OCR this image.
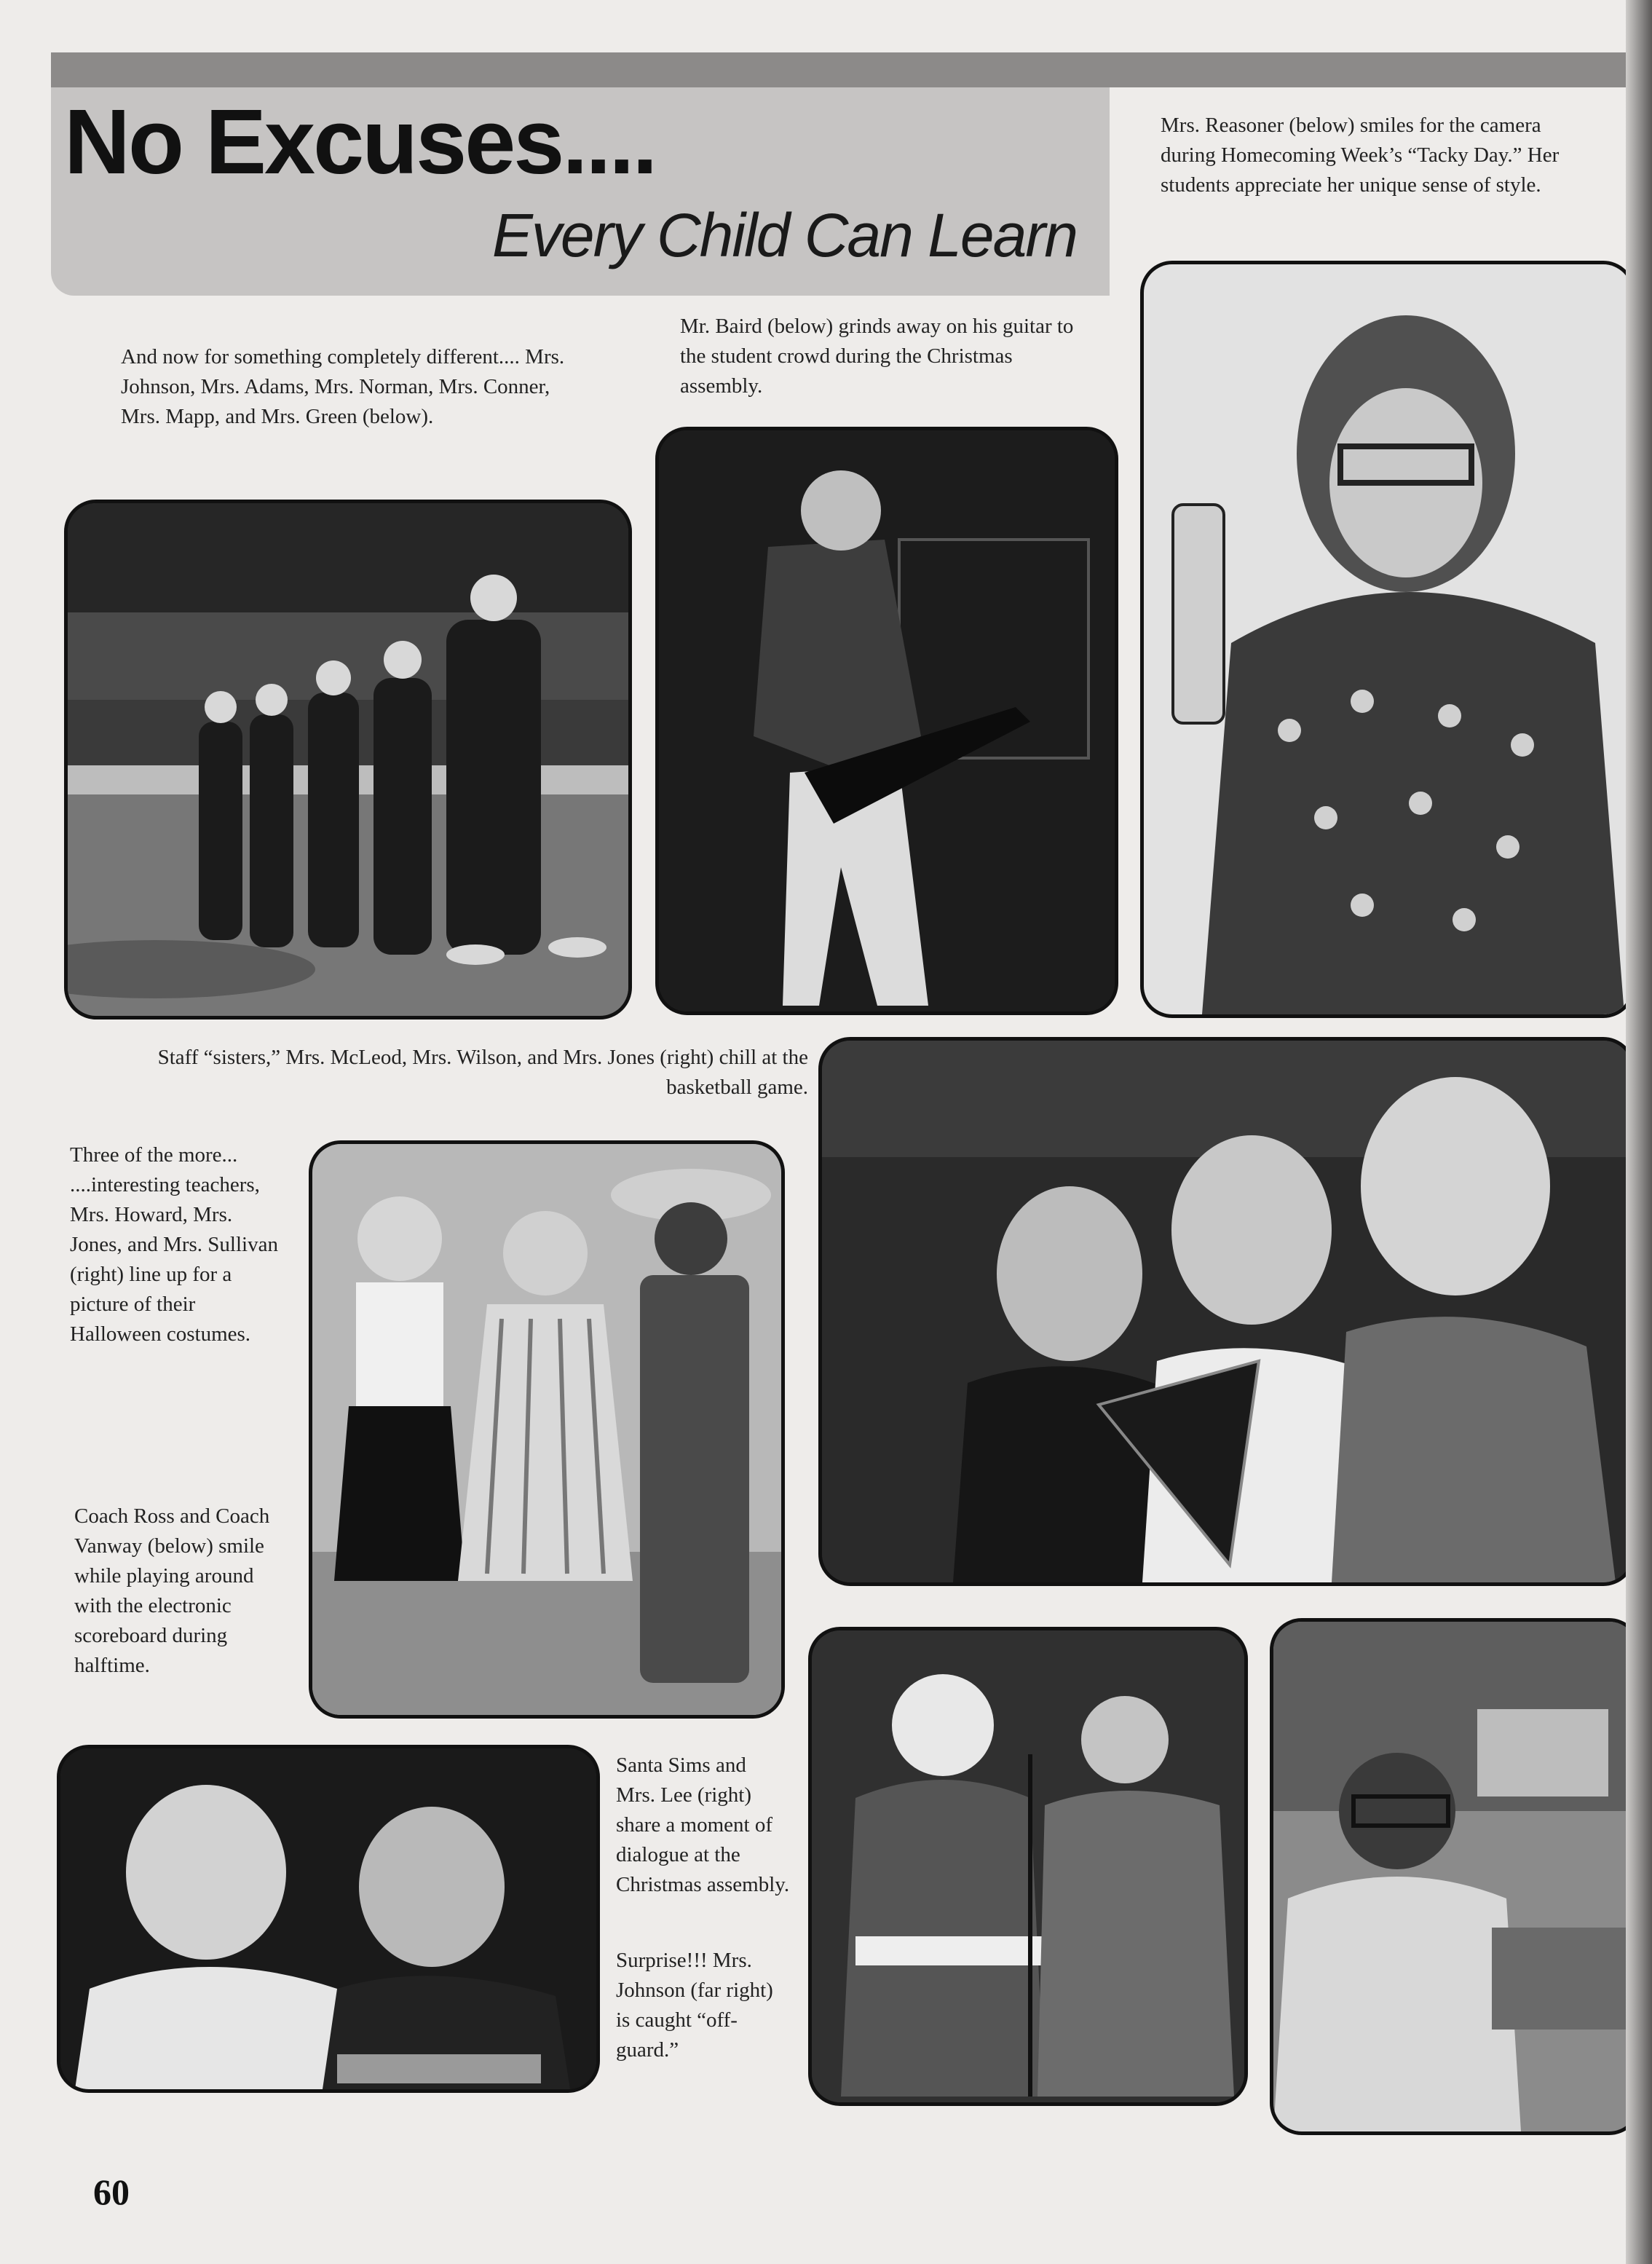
No Excuses....
Every Child Can Learn
Mrs. Reasoner (below) smiles for the camera during Homecoming Week’s “Tacky Day.” Her students appreciate her unique sense of style.
Mr. Baird (below) grinds away on his guitar to the student crowd during the Christmas assembly.
And now for something completely different.... Mrs. Johnson, Mrs. Adams, Mrs. Norman, Mrs. Conner, Mrs. Mapp, and Mrs. Green (below).
Staff “sisters,” Mrs. McLeod, Mrs. Wilson, and Mrs. Jones (right) chill at the basketball game.
Three of the more... ....interesting teachers, Mrs. Howard, Mrs. Jones, and Mrs. Sullivan (right) line up for a picture of their Halloween costumes.
Coach Ross and Coach Vanway (below) smile while playing around with the electronic scoreboard during halftime.
Santa Sims and Mrs. Lee (right) share a moment of dialogue at the Christmas assembly.
Surprise!!! Mrs. Johnson (far right) is caught “off-guard.”
60
